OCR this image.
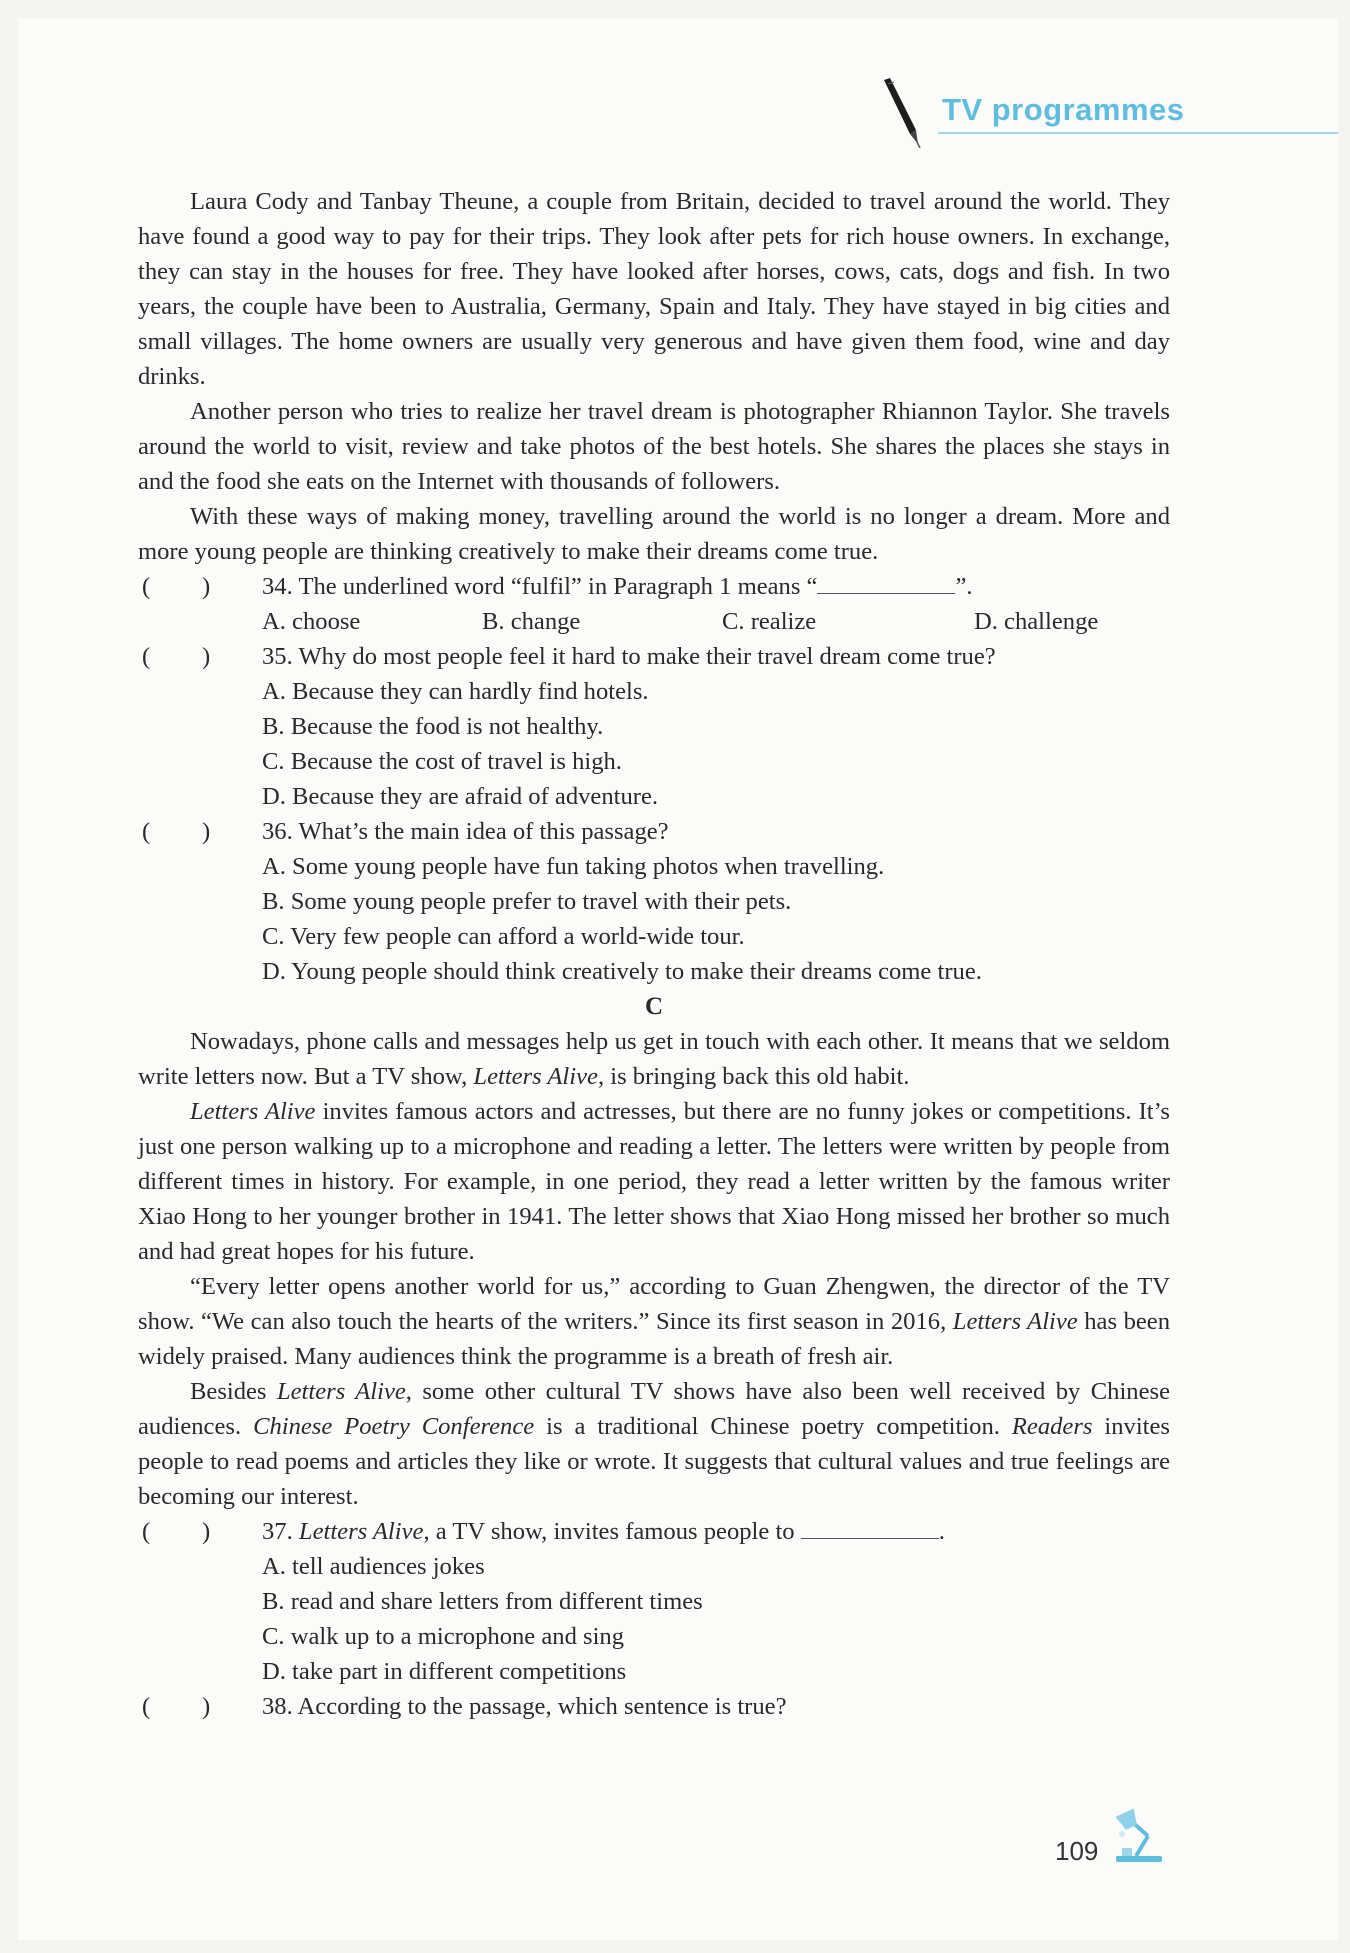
TV programmes

Laura Cody and Tanbay Theune, a couple from Britain, decided to travel around the world. They have found a good way to pay for their trips. They look after pets for rich house owners. In exchange, they can stay in the houses for free. They have looked after horses, cows, cats, dogs and fish. In two years, the couple have been to Australia, Germany, Spain and Italy. They have stayed in big cities and small villages. The home owners are usually very generous and have given them food, wine and day drinks.

Another person who tries to realize her travel dream is photographer Rhiannon Taylor. She travels around the world to visit, review and take photos of the best hotels. She shares the places she stays in and the food she eats on the Internet with thousands of followers.

With these ways of making money, travelling around the world is no longer a dream. More and more young people are thinking creatively to make their dreams come true.

( ) 34. The underlined word “fulfil” in Paragraph 1 means “	”.

A. choose	B. change	C. realize	D. challenge

( ) 35. Why do most people feel it hard to make their travel dream come true?

A. Because they can hardly find hotels.

B. Because the food is not healthy.

C. Because the cost of travel is high.

D. Because they are afraid of adventure.

( ) 36. What’s the main idea of this passage?

A. Some young people have fun taking photos when travelling.

B. Some young people prefer to travel with their pets.

C. Very few people can afford a world-wide tour.

D. Young people should think creatively to make their dreams come true.

C

Nowadays, phone calls and messages help us get in touch with each other. It means that we seldom write letters now. But a TV show, Letters Alive, is bringing back this old habit.

Letters Alive invites famous actors and actresses, but there are no funny jokes or competitions. It’s just one person walking up to a microphone and reading a letter. The letters were written by people from different times in history. For example, in one period, they read a letter written by the famous writer Xiao Hong to her younger brother in 1941. The letter shows that Xiao Hong missed her brother so much and had great hopes for his future.

“Every letter opens another world for us,” according to Guan Zhengwen, the director of the TV show. “We can also touch the hearts of the writers.” Since its first season in 2016, Letters Alive has been widely praised. Many audiences think the programme is a breath of fresh air.

Besides Letters Alive, some other cultural TV shows have also been well received by Chinese audiences. Chinese Poetry Conference is a traditional Chinese poetry competition. Readers invites people to read poems and articles they like or wrote. It suggests that cultural values and true feelings are becoming our interest.

( ) 37. Letters Alive, a TV show, invites famous people to	.

A. tell audiences jokes

B. read and share letters from different times

C. walk up to a microphone and sing

D. take part in different competitions

( ) 38. According to the passage, which sentence is true?

109
